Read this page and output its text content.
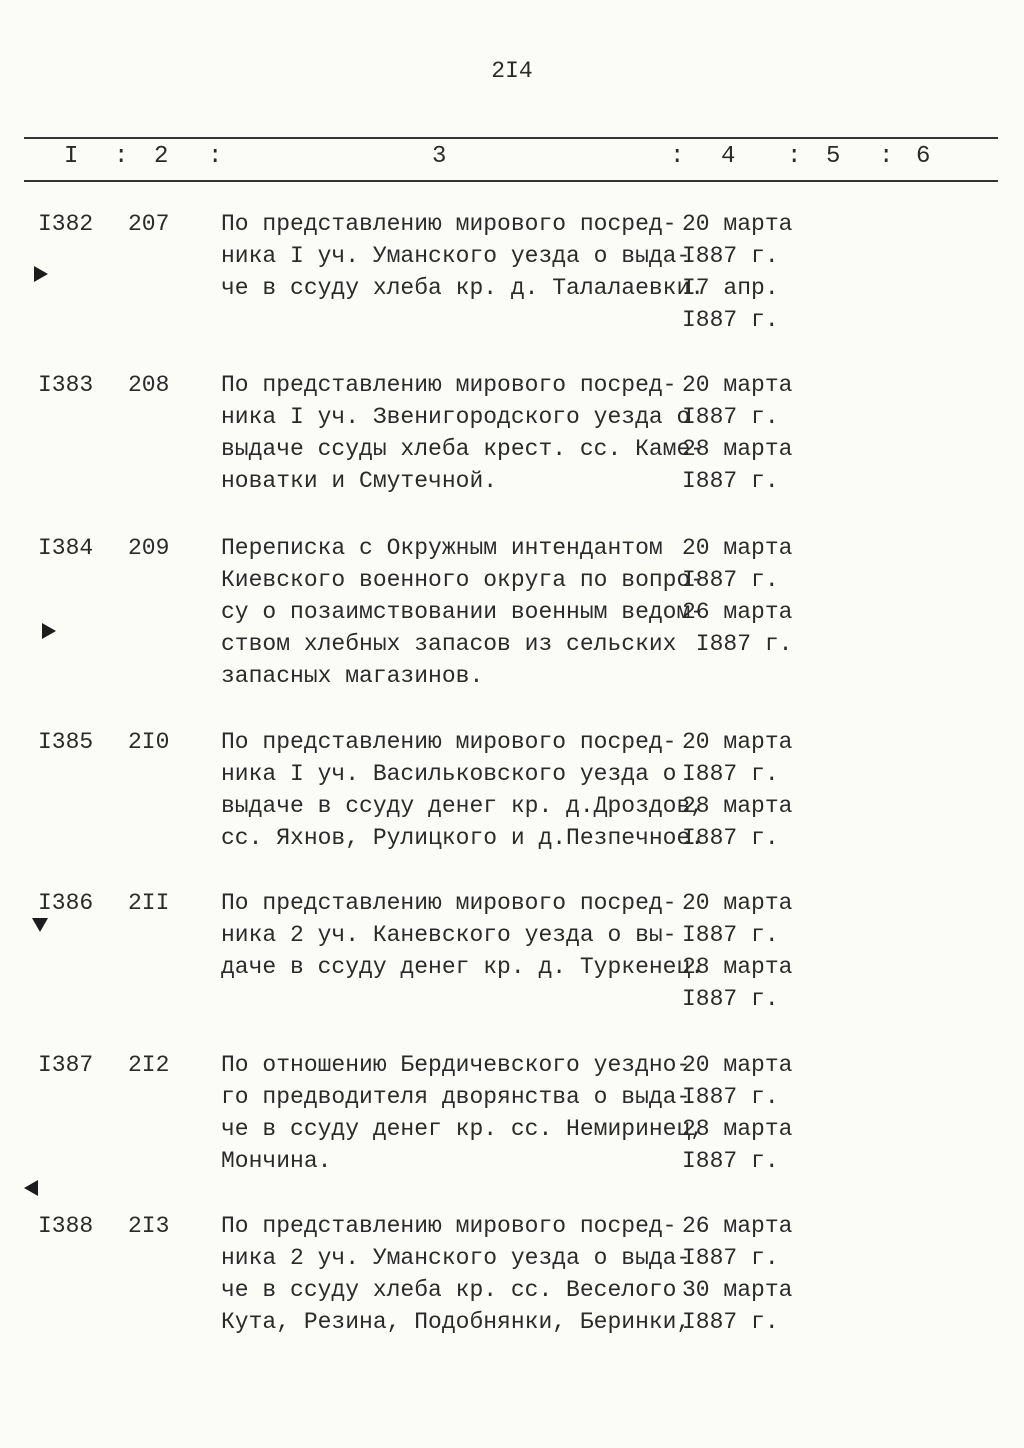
2I4
I : 2 :	3	: 4 : 5 : 6
I382 207 По представлению мирового посред-
ника I уч. Уманского уезда о выда-
че в ссуду хлеба кр. д. Талалаевки.
20 марта
I887 г.
I7 апр.
I887 г.
I383 208 По представлению мирового посред-
ника I уч. Звенигородского уезда о
выдаче ссуды хлеба крест. сс. Каме-
новатки и Смутечной.
20 марта
I887 г.
28 марта
I887 г.
I384 209 Переписка с Окружным интендантом
Киевского военного округа по вопро-
су о позаимствовании военным ведом-
ством хлебных запасов из сельских
запасных магазинов.
20 марта
I887 г.
26 марта
I887 г.
I385 2I0 По представлению мирового посред-
ника I уч. Васильковского уезда о
выдаче в ссуду денег кр. д.Дроздов,
сс. Яхнов, Рулицкого и д.Пезпечное.
20 марта
I887 г.
28 марта
I887 г.
I386 2II По представлению мирового посред-
ника 2 уч. Каневского уезда о вы-
даче в ссуду денег кр. д. Туркенец.
20 марта
I887 г.
28 марта
I887 г.
I387 2I2 По отношению Бердичевского уездно-
го предводителя дворянства о выда-
че в ссуду денег кр. сс. Немиринец,
Мончина.
20 марта
I887 г.
28 марта
I887 г.
I388 2I3 По представлению мирового посред-
ника 2 уч. Уманского уезда о выда-
че в ссуду хлеба кр. сс. Веселого
Кута, Резина, Подобнянки, Беринки,
26 марта
I887 г.
30 марта
I887 г.
